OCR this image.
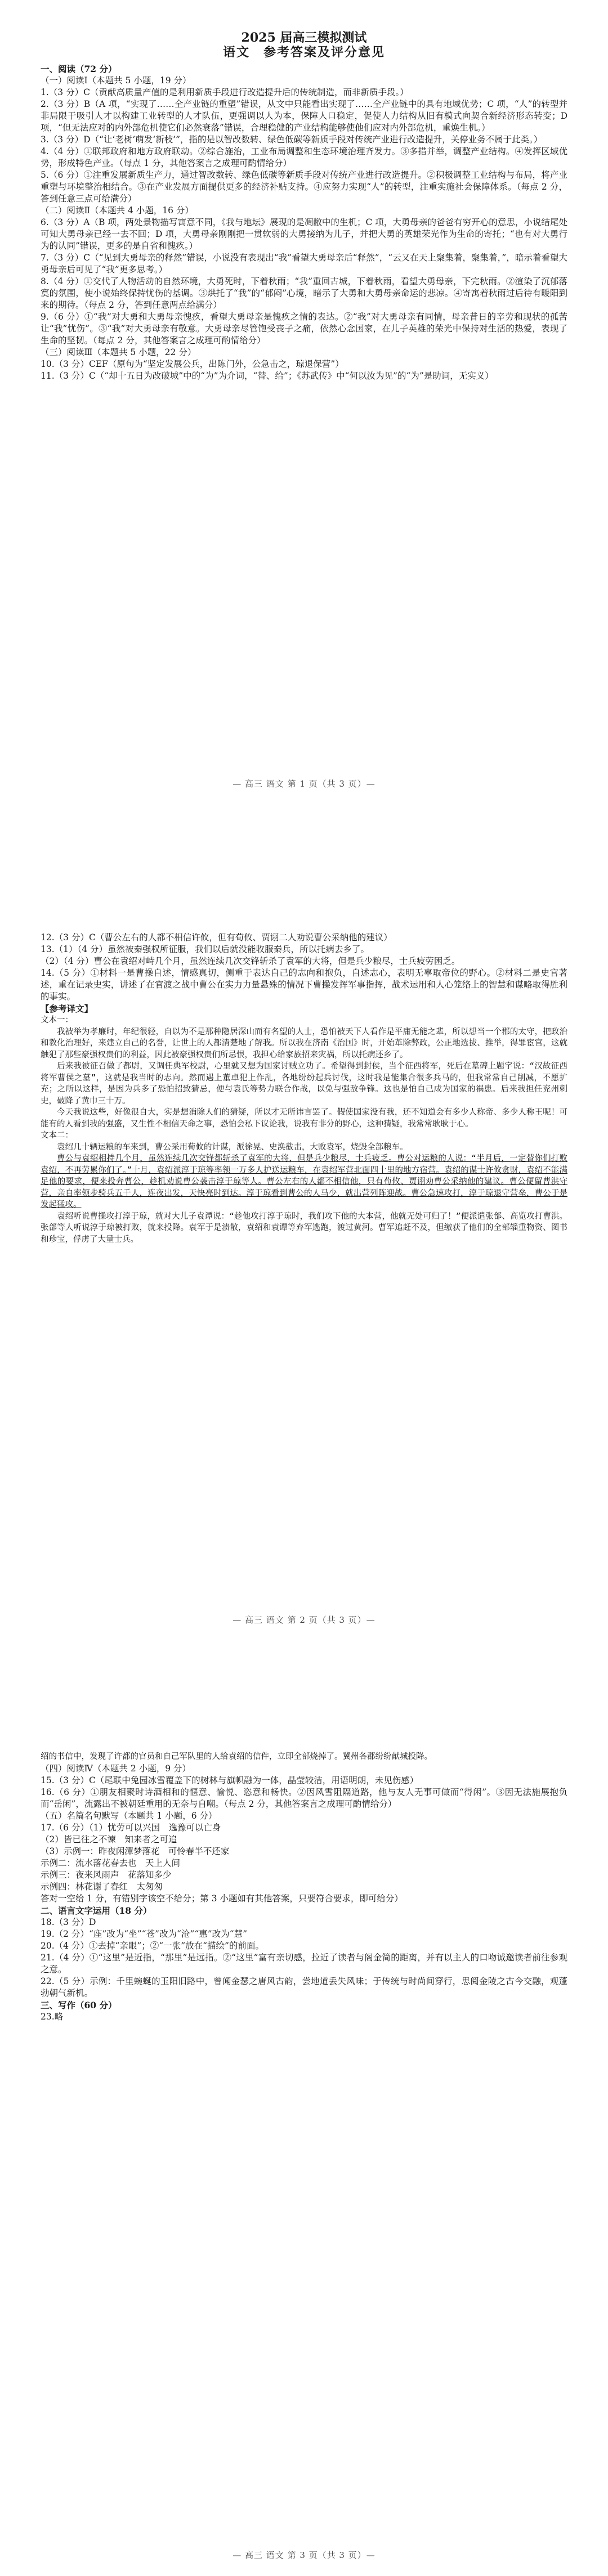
2025 届高三模拟测试
语文　参考答案及评分意见

一、阅读（72 分）

（一）阅读Ⅰ（本题共 5 小题，19 分）

1.（3 分）C（贡献高质量产值的是利用新质手段进行改造提升后的传统制造，而非新质手段。）

2.（3 分）B（A 项，“实现了……全产业链的重塑”错误，从文中只能看出实现了……全产业链中的具有地域优势；C 项，“人”的转型并非局限于吸引人才以构建工业转型的人才队伍，更强调以人为本，保障人口稳定，促使人力结构从旧有模式向契合新经济形态转变；D 项，“但无法应对的内外部危机使它们必然衰落”错误，合理稳健的产业结构能够使他们应对内外部危机，重焕生机。）

3.（3 分）D（“让‘老树’萌发‘新枝’”，指的是以智改数转、绿色低碳等新质手段对传统产业进行改造提升，关停业务不属于此类。）

4.（4 分）①联邦政府和地方政府联动。②综合施治，工业布局调整和生态环境治理齐发力。③多措并举，调整产业结构。④发挥区域优势，形成特色产业。（每点 1 分，其他答案言之成理可酌情给分）

5.（6 分）①注重发展新质生产力，通过智改数转、绿色低碳等新质手段对传统产业进行改造提升。②积极调整工业结构与布局，将产业重塑与环境整治相结合。③在产业发展方面提供更多的经济补贴支持。④应努力实现“人”的转型，注重实施社会保障体系。（每点 2 分，答到任意三点可给满分）

（二）阅读Ⅱ（本题共 4 小题，16 分）

6.（3 分）A（B 项，两处景物描写寓意不同，《我与地坛》展现的是凋敝中的生机；C 项，大勇母亲的爸爸有穷开心的意思，小说结尾处可知大勇母亲已经一去不回；D 项，大勇母亲刚刚把一贯软弱的大勇接纳为儿子，并把大勇的英雄荣光作为生命的寄托；“也有对大勇行为的认同”错误，更多的是自省和愧疚。）

7.（3 分）C（“见到大勇母亲的释然”错误，小说没有表现出“我”看望大勇母亲后“释然”，“云又在天上聚集着，聚集着，”，暗示着看望大勇母亲后可见了“我”更多思考。）

8.（4 分）①交代了人物活动的自然环境，大勇死时，下着秋雨；“我”重回古城，下着秋雨，看望大勇母亲，下完秋雨。②渲染了沉郁落寞的氛围，使小说始终保持忧伤的基调。③烘托了“我”的“郁闷”心境，暗示了大勇和大勇母亲命运的悲凉。④寄寓着秋雨过后待有暖阳到来的期待。（每点 2 分，答到任意两点给满分）

9.（6 分）①“我”对大勇和大勇母亲愧疚，看望大勇母亲是愧疚之情的表达。②“我”对大勇母亲有同情，母亲昔日的辛劳和现状的孤苦让“我”忧伤”。③“我”对大勇母亲有敬意。大勇母亲尽管饱受丧子之痛，依然心念国家，在儿子英雄的荣光中保持对生活的热爱，表现了生命的坚韧。（每点 2 分，其他答案言之成理可酌情给分）

（三）阅读Ⅲ（本题共 5 小题，22 分）

10.（3 分）CEF（原句为“坚定发展公兵，出陈门外，公急击之，琼退保营”）

11.（3 分）C（“却十五日为改破城”中的“为”为介词，“替、给”；《苏武传》中“何以汝为见”的“为”是助词，无实义）

— 高三 语文 第 1 页（共 3 页）—

12.（3 分）C（曹公左右的人都不相信许攸，但有荀攸、贾诩二人劝说曹公采纳他的建议）

13.（1）（4 分）虽然被秦强权所征服，我们以后就没能收服秦兵，所以托病去乡了。

（2）（4 分）曹公在袁绍对峙几个月，虽然连续几次交锋斩杀了袁军的大将，但是兵少粮尽，士兵疲劳困乏。

14.（5 分）①材料一是曹操自述，情感真切，侧重于表达自己的志向和抱负，自述志心，表明无辜取帝位的野心。②材料二是史官著述，重在记录史实，讲述了在官渡之战中曹公在实力力量悬殊的情况下曹操发挥军事指挥，战术运用和人心笼络上的智慧和谋略取得胜利的事实。

【参考译文】

文本一：

我被举为孝廉时，年纪很轻，自以为不是那种隐居深山而有名望的人士，恐怕被天下人看作是平庸无能之辈，所以想当一个郡的太守，把政治和教化治理好，来建立自己的名誉，让世上的人都清楚地了解我。所以我在济南《治国》时，开始革除弊政，公正地选拔、推举，得罪宦官，这就触犯了那些豪强权贵们的利益，因此被豪强权贵们所忌恨，我担心给家族招来灾祸，所以托病还乡了。

后来我被征召做了都尉，又调任典军校尉，心里就又想为国家讨贼立功了。希望得到封侯，当个征西将军，死后在墓碑上题字说：“汉故征西将军曹侯之墓”，这就是我当时的志向。然而遇上董卓犯上作乱，各地纷纷起兵讨伐，这时我是能集合很多兵马的，但我常常自己削减，不愿扩充；之所以这样，是因为兵多了恐怕招致猜忌，便与袁氏等势力联合作战，以免与强敌争锋。这也是怕自己成为国家的祸患。后来我担任兖州刺史，破降了黄巾三十万。

今天我说这些，好像很自大，实是想消除人们的猜疑，所以才无所讳言罢了。假使国家没有我，还不知道会有多少人称帝、多少人称王呢！可能有的人看到我的强盛，又生性不相信天命之事，恐怕会私下议论我，说我有非分的野心，这种猜疑，我常常耿耿于心。

文本二：

袁绍几十辆运粮的车来到，曹公采用荀攸的计谋，派徐晃、史涣截击，大败袁军，烧毁全部粮车。

曹公与袁绍相持几个月，虽然连续几次交锋都斩杀了袁军的大将，但是兵少粮尽，士兵疲乏。曹公对运粮的人说：“半月后，一定替你们打败袁绍，不再劳累你们了。”十月，袁绍派淳于琼等率领一万多人护送运粮车，在袁绍军营北面四十里的地方宿营。袁绍的谋士许攸贪财，袁绍不能满足他的要求，便来投奔曹公，趁机劝说曹公袭击淳于琼等人。曹公左右的人都不相信他，只有荀攸、贾诩劝曹公采纳他的建议。曹公便留曹洪守营，亲自率领步骑兵五千人，连夜出发，天快亮时到达。淳于琼看到曹公的人马少，就出营列阵迎战。曹公急速攻打，淳于琼退守营垒，曹公于是发起猛攻。

袁绍听说曹操攻打淳于琼，就对大儿子袁谭说：“趁他攻打淳于琼时，我们攻下他的大本营，他就无处可归了！”便派遣张郃、高览攻打曹洪。张郃等人听说淳于琼被打败，就来投降。袁军于是溃散，袁绍和袁谭等弃军逃跑，渡过黄河。曹军追赶不及，但缴获了他们的全部辎重物资、图书和珍宝，俘虏了大量士兵。

— 高三 语文 第 2 页（共 3 页）—

绍的书信中，发现了许都的官员和自己军队里的人给袁绍的信件，立即全部烧掉了。冀州各郡纷纷献城投降。

（四）阅读Ⅳ（本题共 2 小题，9 分）

15.（3 分）C（尾联中兔园冰雪覆盖下的树林与旗帜融为一体，晶莹较洁，用语明朗，未见伤感）

16.（6 分）①朋友相聚时诗酒相和的惬意、愉悦、恣意和畅快。②因风雪阻隔道路，他与友人无事可做而“得闲”。③因无法施展抱负而“岳闲”，流露出不被朝廷重用的无奈与自嘲。（每点 2 分，其他答案言之成理可酌情给分）

（五）名篇名句默写（本题共 1 小题，6 分）

17.（6 分）（1）忧劳可以兴国　逸豫可以亡身

（2）皆已往之不谏　知来者之可追

（3）示例一：昨夜闲潭梦落花　可怜春半不还家

示例二：流水落花春去也　天上人间

示例三：夜来风雨声　花落知多少

示例四：林花谢了春红　太匆匆

答对一空给 1 分，有错别字该空不给分；第 3 小题如有其他答案，只要符合要求，即可给分）

二、语言文字运用（18 分）

18.（3 分）D

19.（2 分）“座”改为“坐”“苍”改为“沧”“惠”改为“慧”

20.（4 分）①去掉“亲眼”；②“一张”放在“描绘”的前面。

21.（4 分）①“这里”是近指，“那里”是远指。②“这里”富有亲切感，拉近了读者与阁金简的距离，并有以主人的口吻诚邀读者前往参观之意。

22.（5 分）示例：千里蜿蜒的玉阳旧路中，曾闻金瑟之唐风古韵，尝地道丢失风味；于传统与时尚间穿行，思阅金陵之古今交融，观蓬勃朝气新机。

三、写作（60 分）

23.略

— 高三 语文 第 3 页（共 3 页）—
